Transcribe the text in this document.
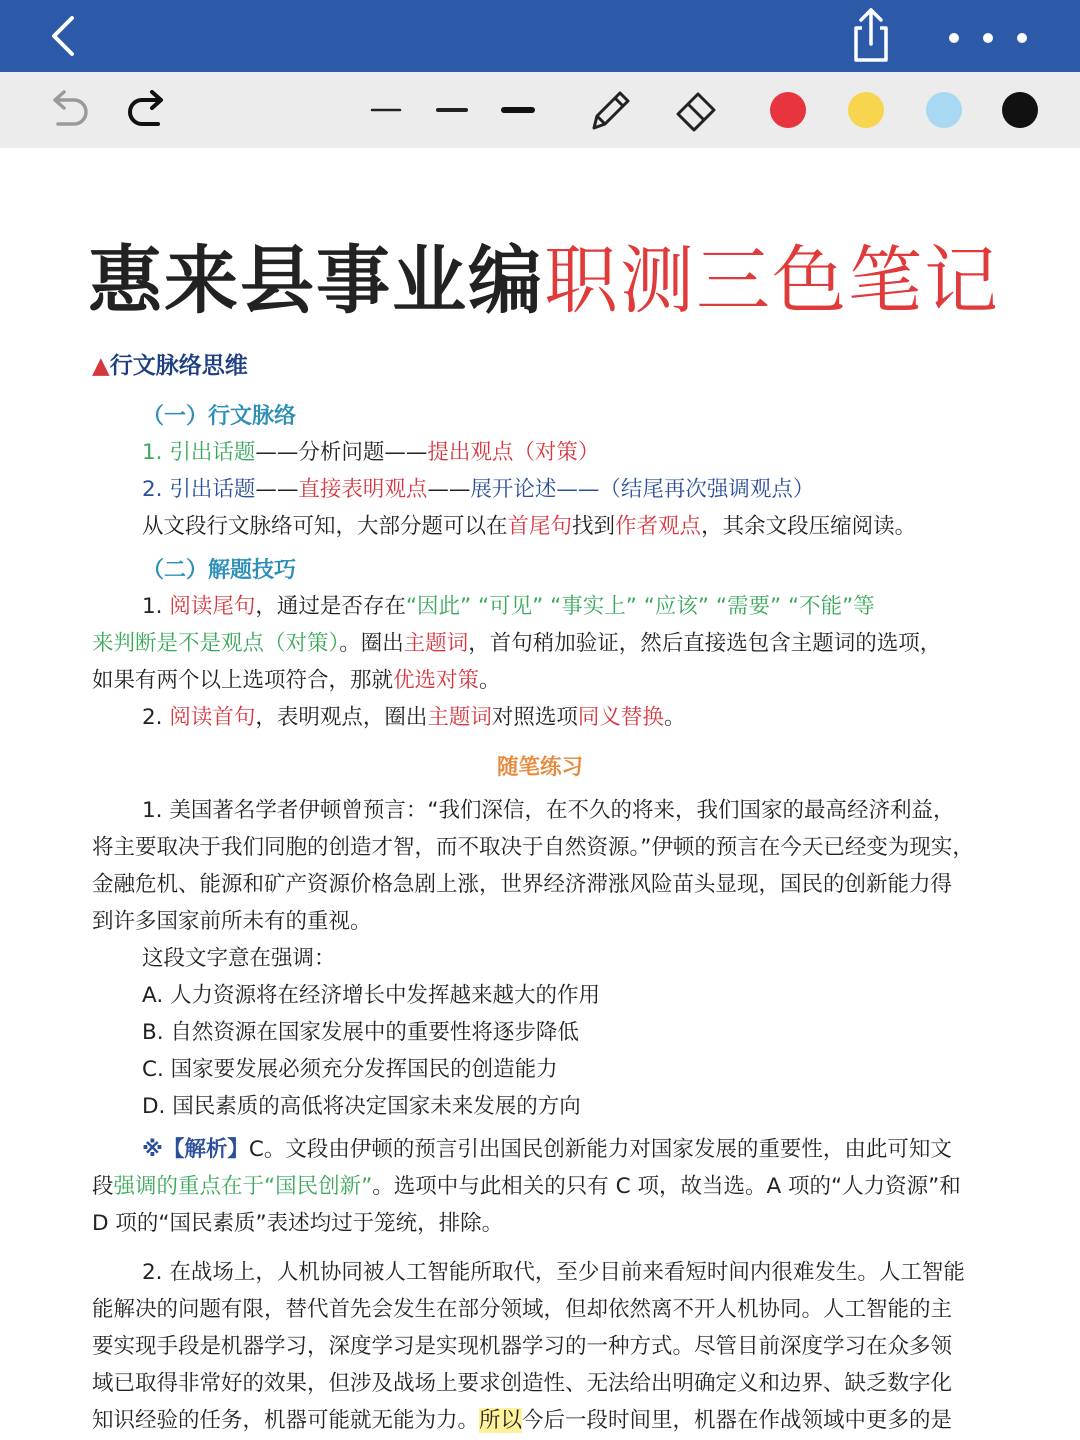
惠来县事业编职测三色笔记
▲行文脉络思维
（一）行文脉络
1. 引出话题——分析问题——提出观点（对策）
2. 引出话题——直接表明观点——展开论述——（结尾再次强调观点）
从文段行文脉络可知，大部分题可以在首尾句找到作者观点，其余文段压缩阅读。
（二）解题技巧
1. 阅读尾句，通过是否存在“因此” “可见” “事实上” “应该” “需要” “不能”等
来判断是不是观点（对策）。圈出主题词，首句稍加验证，然后直接选包含主题词的选项，
如果有两个以上选项符合，那就优选对策。
2. 阅读首句，表明观点，圈出主题词对照选项同义替换。
随笔练习
1. 美国著名学者伊顿曾预言：“我们深信，在不久的将来，我们国家的最高经济利益，
将主要取决于我们同胞的创造才智，而不取决于自然资源。”伊顿的预言在今天已经变为现实，
金融危机、能源和矿产资源价格急剧上涨，世界经济滞涨风险苗头显现，国民的创新能力得
到许多国家前所未有的重视。
这段文字意在强调：
A. 人力资源将在经济增长中发挥越来越大的作用
B. 自然资源在国家发展中的重要性将逐步降低
C. 国家要发展必须充分发挥国民的创造能力
D. 国民素质的高低将决定国家未来发展的方向
※【解析】C。文段由伊顿的预言引出国民创新能力对国家发展的重要性，由此可知文
段强调的重点在于“国民创新”。选项中与此相关的只有 C 项，故当选。A 项的“人力资源”和
D 项的“国民素质”表述均过于笼统，排除。
2. 在战场上，人机协同被人工智能所取代，至少目前来看短时间内很难发生。人工智能
能解决的问题有限，替代首先会发生在部分领域，但却依然离不开人机协同。人工智能的主
要实现手段是机器学习，深度学习是实现机器学习的一种方式。尽管目前深度学习在众多领
域已取得非常好的效果，但涉及战场上要求创造性、无法给出明确定义和边界、缺乏数字化
知识经验的任务，机器可能就无能为力。所以今后一段时间里，机器在作战领域中更多的是
